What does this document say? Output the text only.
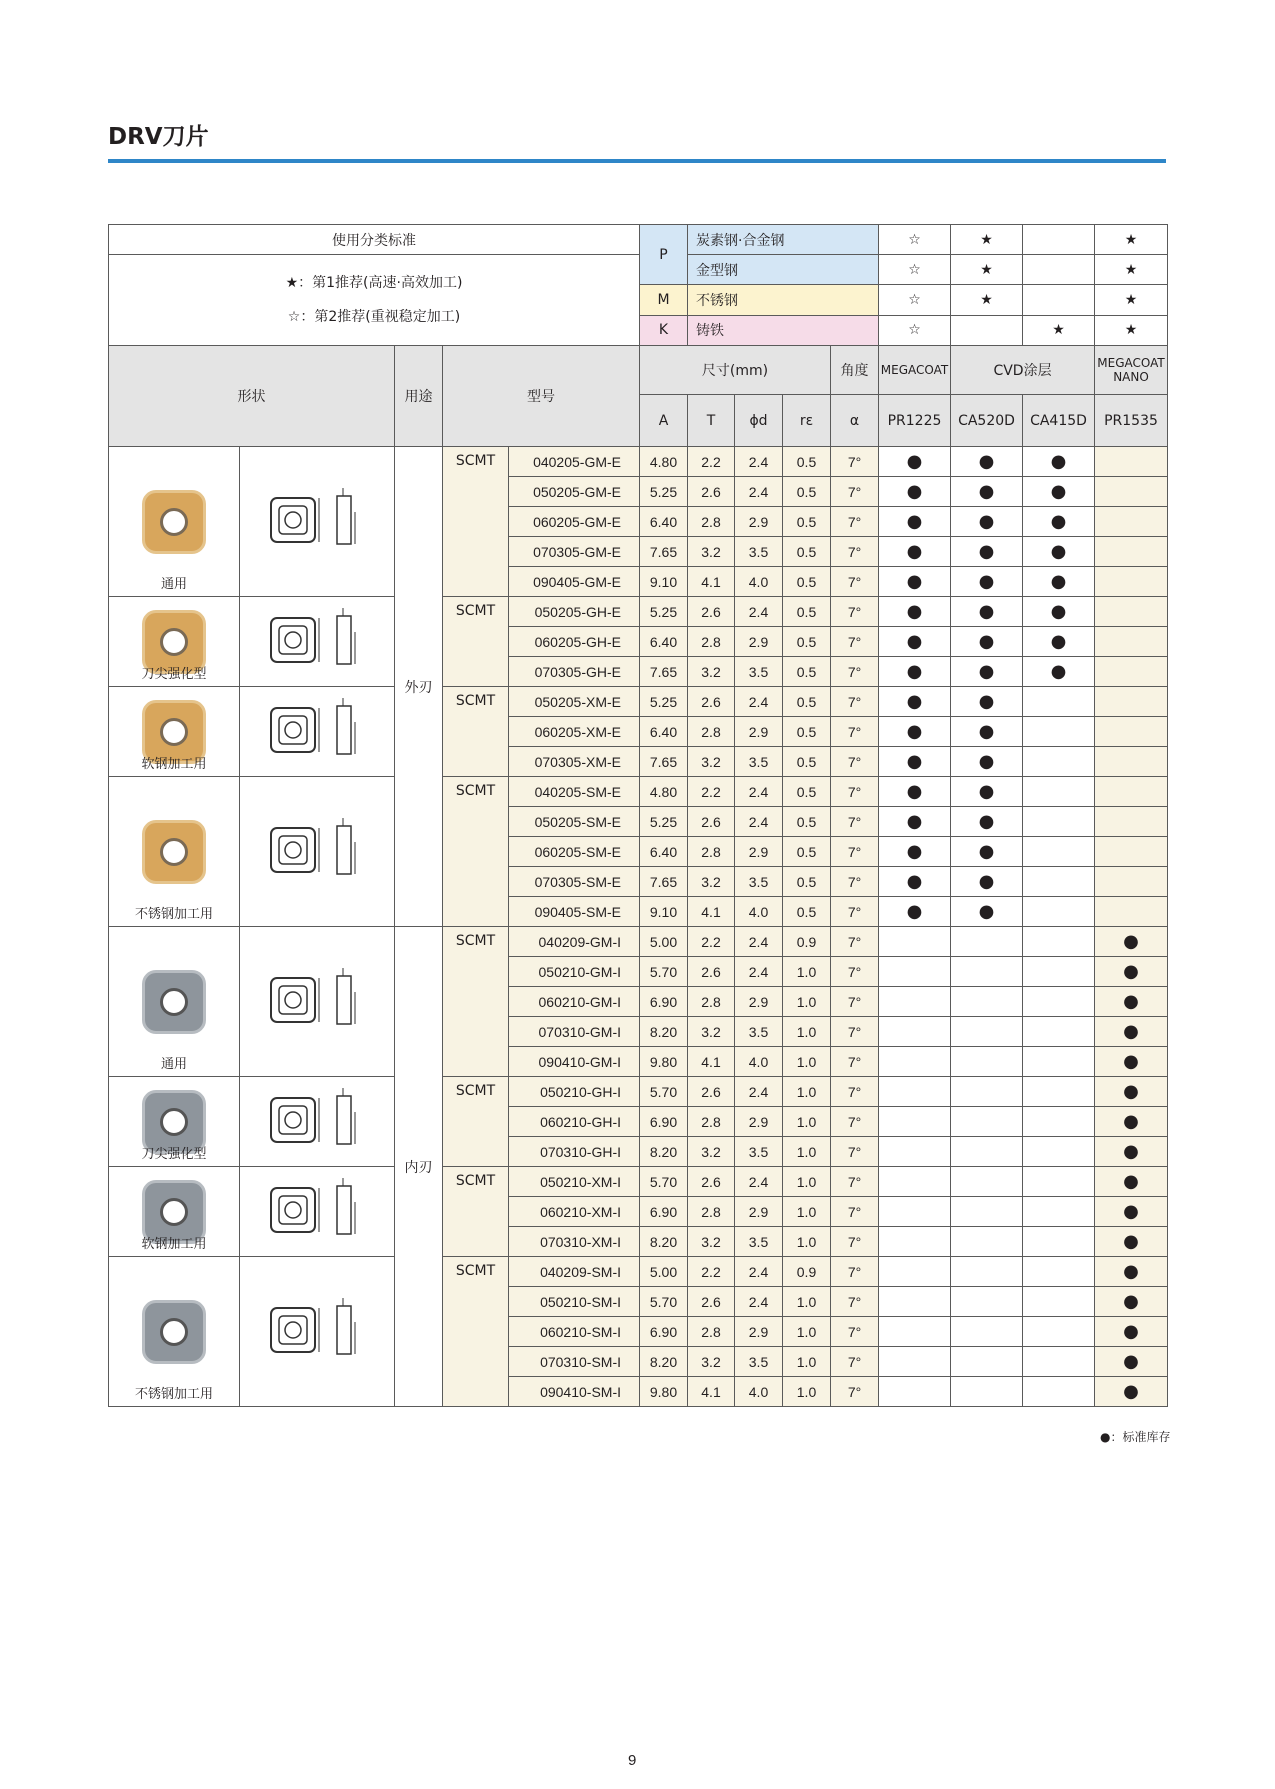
DRV刀片
使用分类标准					P	炭素钢·合金钢				☆	★		★

★：第1推荐(高速·高效加工)
☆：第2推荐(重视稳定加工)						金型钢				☆	★		★
					M	不锈钢				☆	★		★
					K	铸铁				☆		★	★
形状		用途	型号		尺寸(mm)				角度	MEGACOAT	CVD涂层		MEGACOAT NANO
					A	T	ϕd	rε	α	PR1225	CA520D	CA415D	PR1535

通用		外刃	SCMT	040205-GM-E	4.80	2.2	2.4	0.5	7°	●	●	●	
				050205-GM-E	5.25	2.6	2.4	0.5	7°	●	●	●	
				060205-GM-E	6.40	2.8	2.9	0.5	7°	●	●	●	
				070305-GM-E	7.65	3.2	3.5	0.5	7°	●	●	●	
				090405-GM-E	9.10	4.1	4.0	0.5	7°	●	●	●	

刀尖强化型			SCMT	050205-GH-E	5.25	2.6	2.4	0.5	7°	●	●	●	
				060205-GH-E	6.40	2.8	2.9	0.5	7°	●	●	●	
				070305-GH-E	7.65	3.2	3.5	0.5	7°	●	●	●	

软钢加工用			SCMT	050205-XM-E	5.25	2.6	2.4	0.5	7°	●	●		
				060205-XM-E	6.40	2.8	2.9	0.5	7°	●	●		
				070305-XM-E	7.65	3.2	3.5	0.5	7°	●	●		

不锈钢加工用			SCMT	040205-SM-E	4.80	2.2	2.4	0.5	7°	●	●		
				050205-SM-E	5.25	2.6	2.4	0.5	7°	●	●		
				060205-SM-E	6.40	2.8	2.9	0.5	7°	●	●		
				070305-SM-E	7.65	3.2	3.5	0.5	7°	●	●		
				090405-SM-E	9.10	4.1	4.0	0.5	7°	●	●		

通用		内刃	SCMT	040209-GM-I	5.00	2.2	2.4	0.9	7°				●
				050210-GM-I	5.70	2.6	2.4	1.0	7°				●
				060210-GM-I	6.90	2.8	2.9	1.0	7°				●
				070310-GM-I	8.20	3.2	3.5	1.0	7°				●
				090410-GM-I	9.80	4.1	4.0	1.0	7°				●

刀尖强化型			SCMT	050210-GH-I	5.70	2.6	2.4	1.0	7°				●
				060210-GH-I	6.90	2.8	2.9	1.0	7°				●
				070310-GH-I	8.20	3.2	3.5	1.0	7°				●

软钢加工用			SCMT	050210-XM-I	5.70	2.6	2.4	1.0	7°				●
				060210-XM-I	6.90	2.8	2.9	1.0	7°				●
				070310-XM-I	8.20	3.2	3.5	1.0	7°				●

不锈钢加工用			SCMT	040209-SM-I	5.00	2.2	2.4	0.9	7°				●
				050210-SM-I	5.70	2.6	2.4	1.0	7°				●
				060210-SM-I	6.90	2.8	2.9	1.0	7°				●
				070310-SM-I	8.20	3.2	3.5	1.0	7°				●
				090410-SM-I	9.80	4.1	4.0	1.0	7°				●
●：标准库存
9
